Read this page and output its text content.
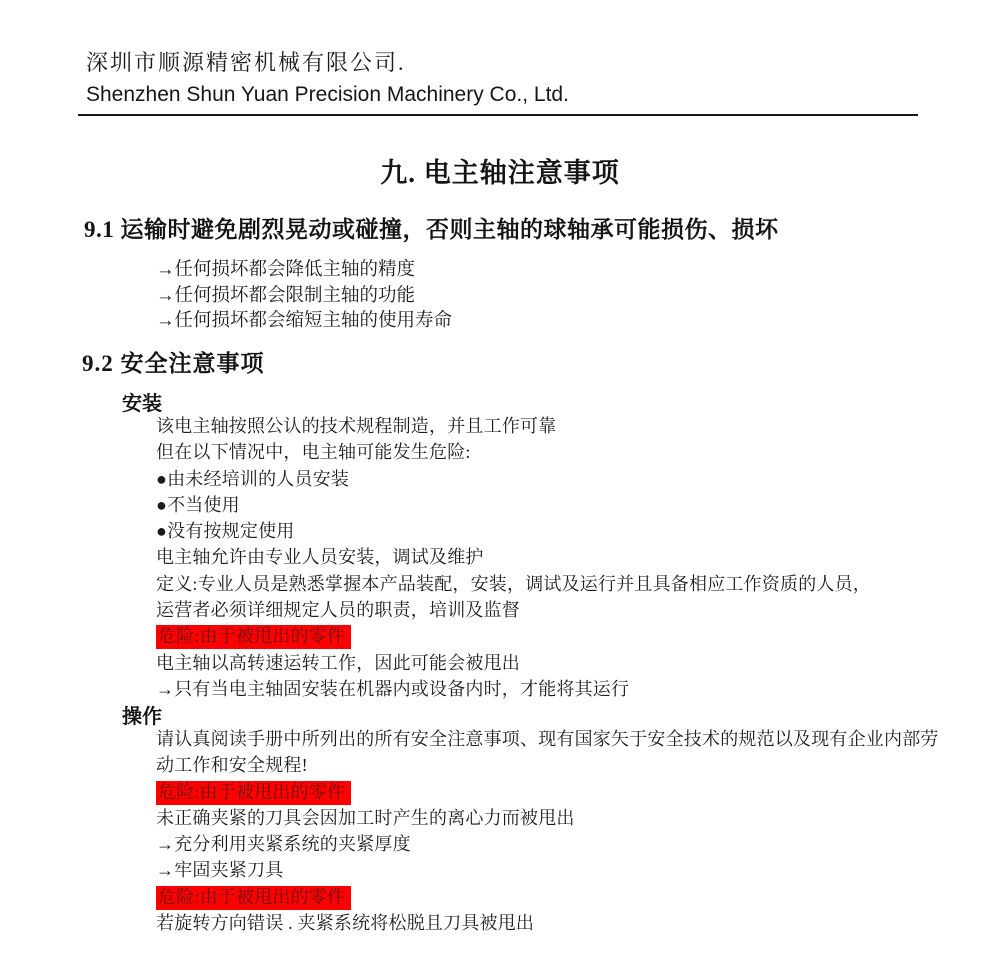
深圳市顺源精密机械有限公司.
Shenzhen Shun Yuan Precision Machinery Co., Ltd.
九. 电主轴注意事项
9.1 运输时避免剧烈晃动或碰撞，否则主轴的球轴承可能损伤、损坏
→任何损坏都会降低主轴的精度
→任何损坏都会限制主轴的功能
→任何损坏都会缩短主轴的使用寿命
9.2 安全注意事项
安装
该电主轴按照公认的技术规程制造，并且工作可靠
但在以下情况中，电主轴可能发生危险:
●由未经培训的人员安装
●不当使用
●没有按规定使用
电主轴允许由专业人员安装，调试及维护
定义:专业人员是熟悉掌握本产品装配，安装，调试及运行并且具备相应工作资质的人员，
运营者必须详细规定人员的职责，培训及监督
危险:由于被甩出的零件
电主轴以高转速运转工作，因此可能会被甩出
→只有当电主轴固安装在机器内或设备内时，才能将其运行
操作
请认真阅读手册中所列出的所有安全注意事项、现有国家矢于安全技术的规范以及现有企业内部劳
动工作和安全规程!
危险:由于被甩出的零件
未正确夹紧的刀具会因加工时产生的离心力而被甩出
→充分利用夹紧系统的夹紧厚度
→牢固夹紧刀具
危险:由于被甩出的零件
若旋转方向错误 . 夹紧系统将松脱且刀具被甩出
